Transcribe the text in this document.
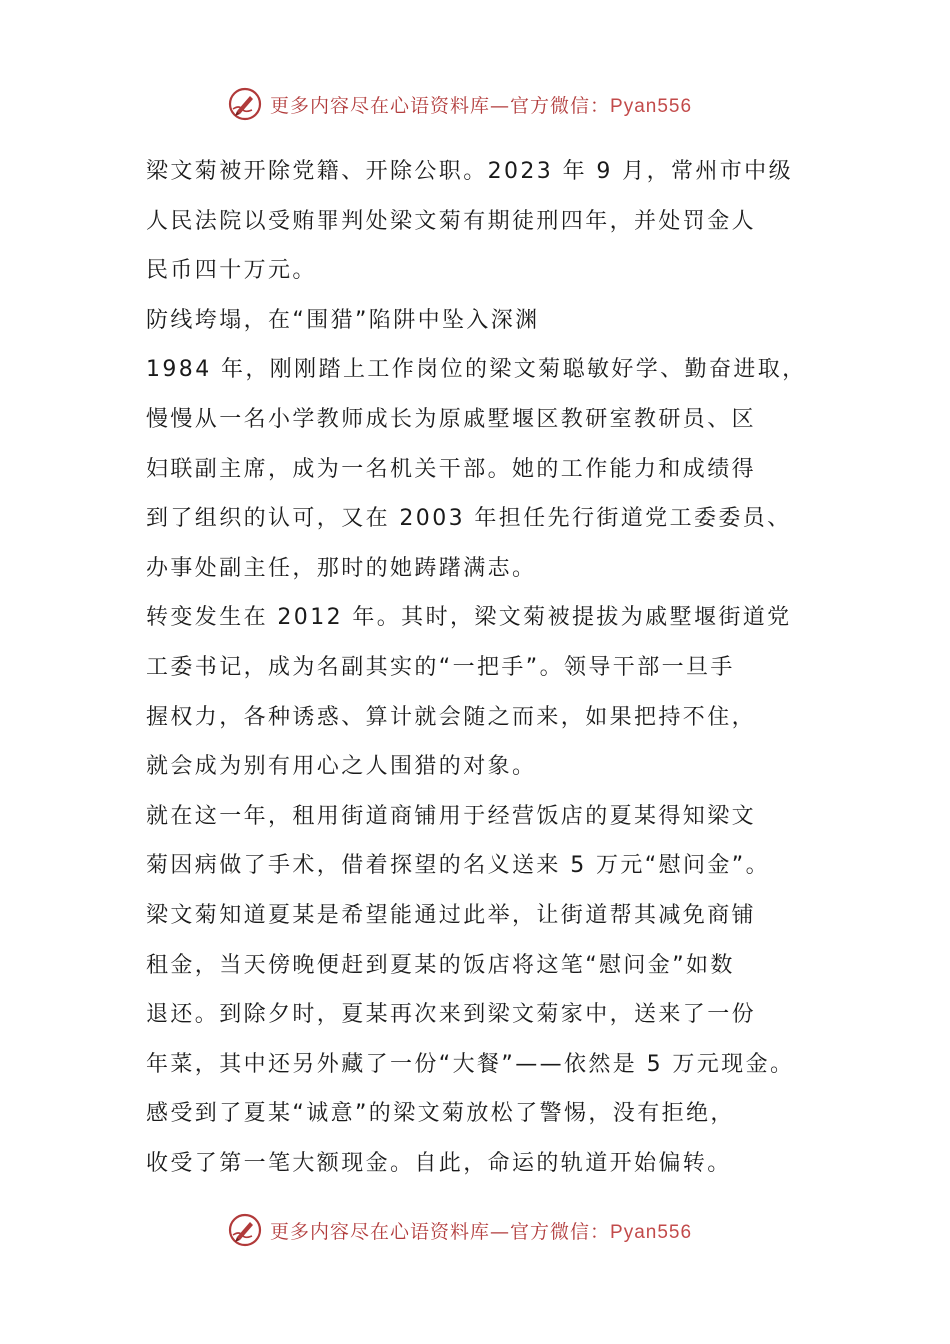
更多内容尽在心语资料库—官方微信：Pyan556
梁文菊被开除党籍、开除公职。2023 年 9 月，常州市中级
人民法院以受贿罪判处梁文菊有期徒刑四年，并处罚金人
民币四十万元。
防线垮塌，在“围猎”陷阱中坠入深渊
1984 年，刚刚踏上工作岗位的梁文菊聪敏好学、勤奋进取，
慢慢从一名小学教师成长为原戚墅堰区教研室教研员、区
妇联副主席，成为一名机关干部。她的工作能力和成绩得
到了组织的认可，又在 2003 年担任先行街道党工委委员、
办事处副主任，那时的她踌躇满志。
转变发生在 2012 年。其时，梁文菊被提拔为戚墅堰街道党
工委书记，成为名副其实的“一把手”。领导干部一旦手
握权力，各种诱惑、算计就会随之而来，如果把持不住，
就会成为别有用心之人围猎的对象。
就在这一年，租用街道商铺用于经营饭店的夏某得知梁文
菊因病做了手术，借着探望的名义送来 5 万元“慰问金”。
梁文菊知道夏某是希望能通过此举，让街道帮其减免商铺
租金，当天傍晚便赶到夏某的饭店将这笔“慰问金”如数
退还。到除夕时，夏某再次来到梁文菊家中，送来了一份
年菜，其中还另外藏了一份“大餐”——依然是 5 万元现金。
感受到了夏某“诚意”的梁文菊放松了警惕，没有拒绝，
收受了第一笔大额现金。自此，命运的轨道开始偏转。
更多内容尽在心语资料库—官方微信：Pyan556
